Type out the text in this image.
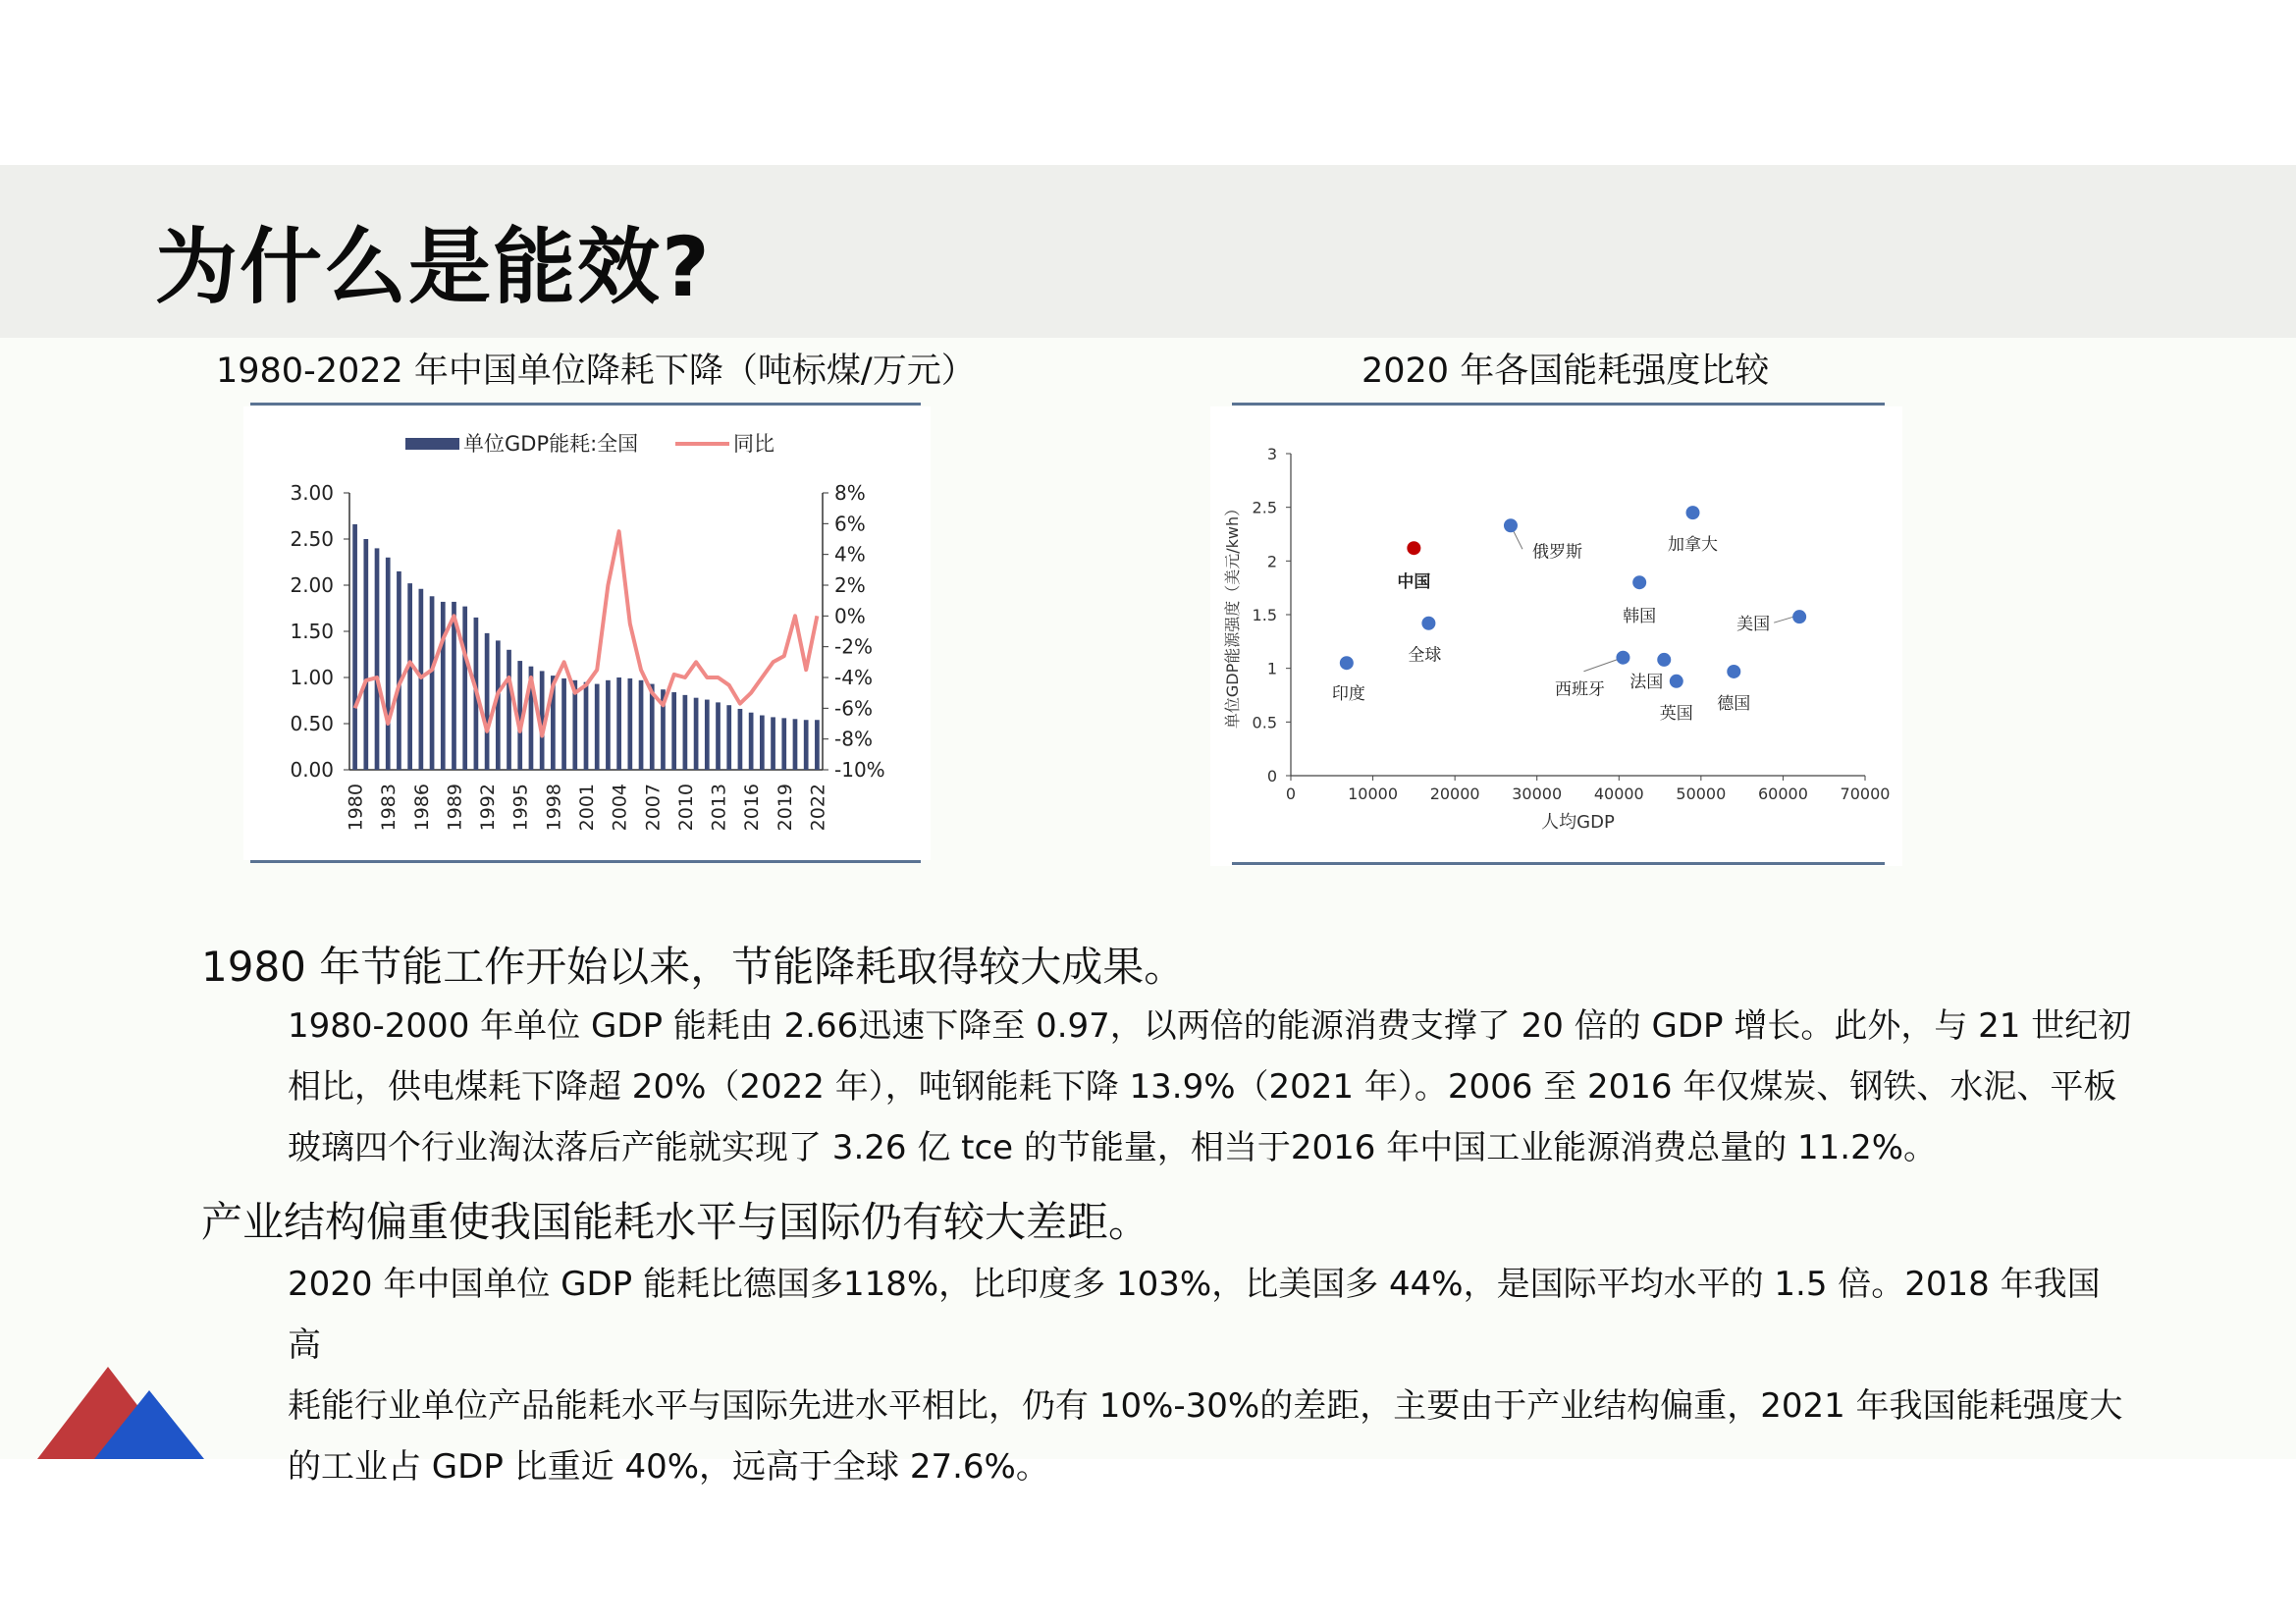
为什么是能效?
1980-2022 年中国单位降耗下降（吨标煤/万元）
单位GDP能耗:全国	同比
0.00
0.50
1.00
1.50
2.00
2.50
3.00
-10%
-8%
-6%
-4%
-2%
0%
2%
4%
6%
8%
1980 1983 1986 1989 1992 1995 1998 2001 2004 2007 2010 2013 2016 2019 2022
2020 年各国能耗强度比较
0
0.5
1
1.5
2
2.5
3
0	10000 20000 30000 40000 50000 60000 70000
人均GDP
单位GDP能源强度（美元/kwh）	中国
全球
印度
俄罗斯	加拿大
韩国	美国
西班牙 法国
英国 德国
1980 年节能工作开始以来，节能降耗取得较大成果。
1980-2000 年单位 GDP 能耗由 2.66迅速下降至 0.97，以两倍的能源消费支撑了 20 倍的 GDP 增长。此外，与 21 世纪初
相比，供电煤耗下降超 20%（2022 年），吨钢能耗下降 13.9%（2021 年）。2006 至 2016 年仅煤炭、钢铁、水泥、平板
玻璃四个行业淘汰落后产能就实现了 3.26 亿 tce 的节能量，相当于2016 年中国工业能源消费总量的 11.2%。
产业结构偏重使我国能耗水平与国际仍有较大差距。
2020 年中国单位 GDP 能耗比德国多118%，比印度多 103%，比美国多 44%，是国际平均水平的 1.5 倍。2018 年我国高
耗能行业单位产品能耗水平与国际先进水平相比，仍有 10%-30%的差距，主要由于产业结构偏重，2021 年我国能耗强度大
的工业占 GDP 比重近 40%，远高于全球 27.6%。
